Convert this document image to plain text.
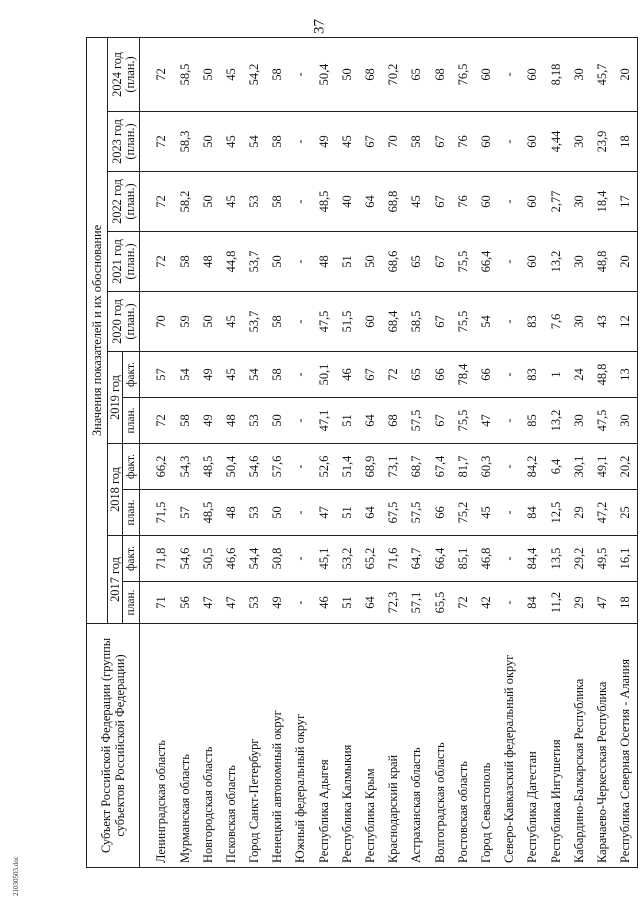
37
Субъект Российской Федерации (группы субъектов Российской Федерации)	Значения показателей и их обоснование										
	2017 год		2018 год		2019 год		2020 год (план.)	2021 год (план.)	2022 год (план.)	2023 год (план.)	2024 год (план.)
	план.	факт.	план.	факт.	план.	факт.					

Ленинградская область	71	71,8	71,5	66,2	72	57	70	72	72	72	72
Мурманская область	56	54,6	57	54,3	58	54	59	58	58,2	58,3	58,5
Новгородская область	47	50,5	48,5	48,5	49	49	50	48	50	50	50
Псковская область	47	46,6	48	50,4	48	45	45	44,8	45	45	45
Город Санкт-Петербург	53	54,4	53	54,6	53	54	53,7	53,7	53	54	54,2
Ненецкий автономный округ	49	50,8	50	57,6	50	58	58	50	58	58	58
Южный федеральный округ	-	-	-	-	-	-	-	-	-	-	-
Республика Адыгея	46	45,1	47	52,6	47,1	50,1	47,5	48	48,5	49	50,4
Республика Калмыкия	51	53,2	51	51,4	51	46	51,5	51	40	45	50
Республика Крым	64	65,2	64	68,9	64	67	60	50	64	67	68
Краснодарский край	72,3	71,6	67,5	73,1	68	72	68,4	68,6	68,8	70	70,2
Астраханская область	57,1	64,7	57,5	68,7	57,5	65	58,5	65	45	58	65
Волгоградская область	65,5	66,4	66	67,4	67	66	67	67	67	67	68
Ростовская область	72	85,1	75,2	81,7	75,5	78,4	75,5	75,5	76	76	76,5
Город Севастополь	42	46,8	45	60,3	47	66	54	66,4	60	60	60
Северо-Кавказский федеральный округ	-	-	-	-	-	-	-	-	-	-	-
Республика Дагестан	84	84,4	84	84,2	85	83	83	60	60	60	60
Республика Ингушетия	11,2	13,5	12,5	6,4	13,2	1	7,6	13,2	2,77	4,44	8,18
Кабардино-Балкарская Республика	29	29,2	29	30,1	30	24	30	30	30	30	30
Карачаево-Черкесская Республика	47	49,5	47,2	49,1	47,5	48,8	43	48,8	18,4	23,9	45,7
Республика Северная Осетия - Алания	18	16,1	25	20,2	30	13	12	20	17	18	20
21030503.doc
